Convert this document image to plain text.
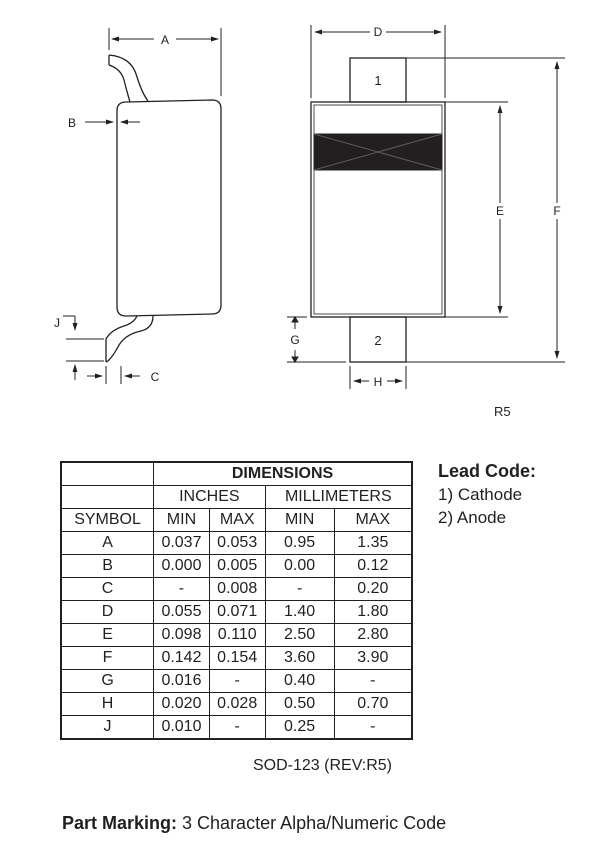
A
B
J
C
D
E	F
G
H
1
2
R5
	DIMENSIONS			
	INCHES		MILLIMETERS	
SYMBOL	MIN	MAX	MIN	MAX
A	0.037	0.053	0.95	1.35
B	0.000	0.005	0.00	0.12
C	-	0.008	-	0.20
D	0.055	0.071	1.40	1.80
E	0.098	0.110	2.50	2.80
F	0.142	0.154	3.60	3.90
G	0.016	-	0.40	-
H	0.020	0.028	0.50	0.70
J	0.010	-	0.25	-
SOD-123 (REV:R5)
Lead Code:
1) Cathode
2) Anode
Part Marking: 3 Character Alpha/Numeric Code
